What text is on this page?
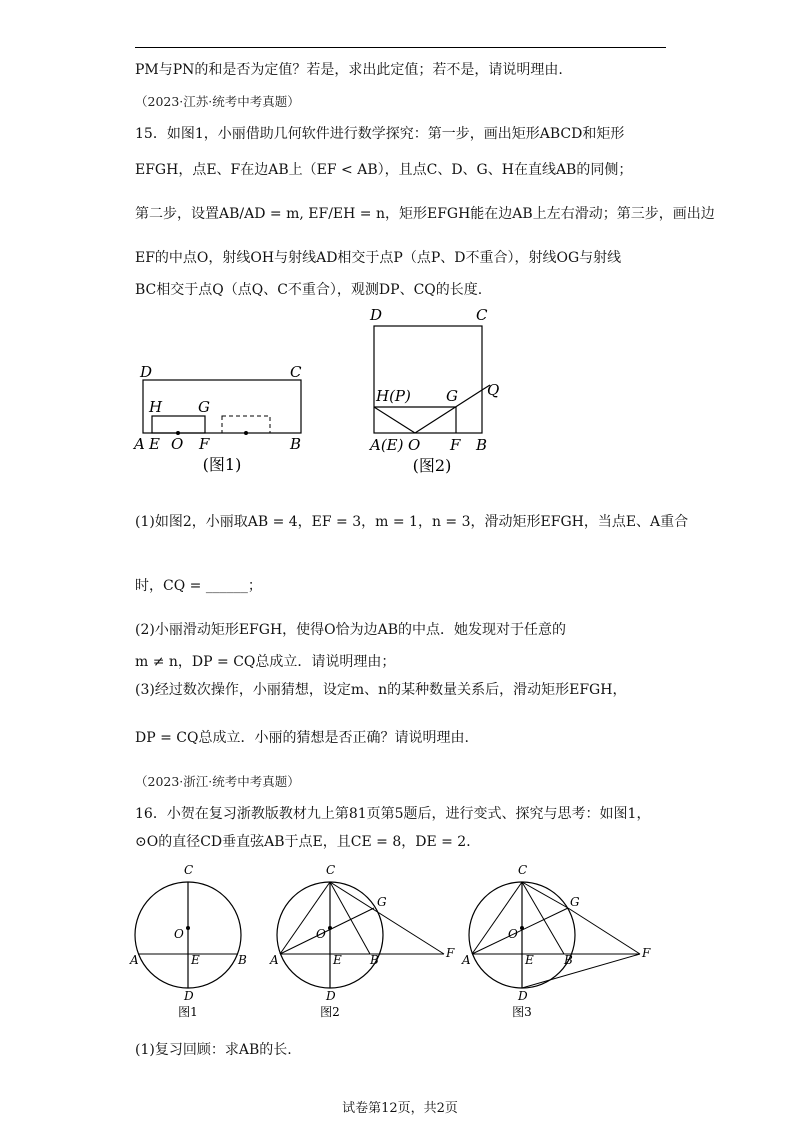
PM与PN的和是否为定值？若是，求出此定值；若不是，请说明理由.
（2023·江苏·统考中考真题）
15．如图1，小丽借助几何软件进行数学探究：第一步，画出矩形ABCD和矩形
EFGH，点E、F在边AB上（EF < AB），且点C、D、G、H在直线AB的同侧；
第二步，设置AB/AD = m, EF/EH = n，矩形EFGH能在边AB上左右滑动；第三步，画出边
EF的中点O，射线OH与射线AD相交于点P（点P、D不重合），射线OG与射线
BC相交于点Q（点Q、C不重合），观测DP、CQ的长度.
D	C
H G
A E O F	B
(图1)
D	C
H(P) G Q
A(E) O F B
(图2)
(1)如图2，小丽取AB = 4，EF = 3，m = 1，n = 3，滑动矩形EFGH，当点E、A重合
时，CQ = ______；
(2)小丽滑动矩形EFGH，使得O恰为边AB的中点．她发现对于任意的
m ≠ n，DP = CQ总成立．请说明理由；
(3)经过数次操作，小丽猜想，设定m、n的某种数量关系后，滑动矩形EFGH，
DP = CQ总成立．小丽的猜想是否正确？请说明理由.
（2023·浙江·统考中考真题）
16．小贺在复习浙教版教材九上第81页第5题后，进行变式、探究与思考：如图1，
⊙O的直径CD垂直弦AB于点E，且CE = 8，DE = 2．
C
O
A	E	B
D
图1
C
O
G
A	E B	F
D
图2
C
O
G
A	E	B	F
D
图3
(1)复习回顾：求AB的长.
试卷第12页，共2页
